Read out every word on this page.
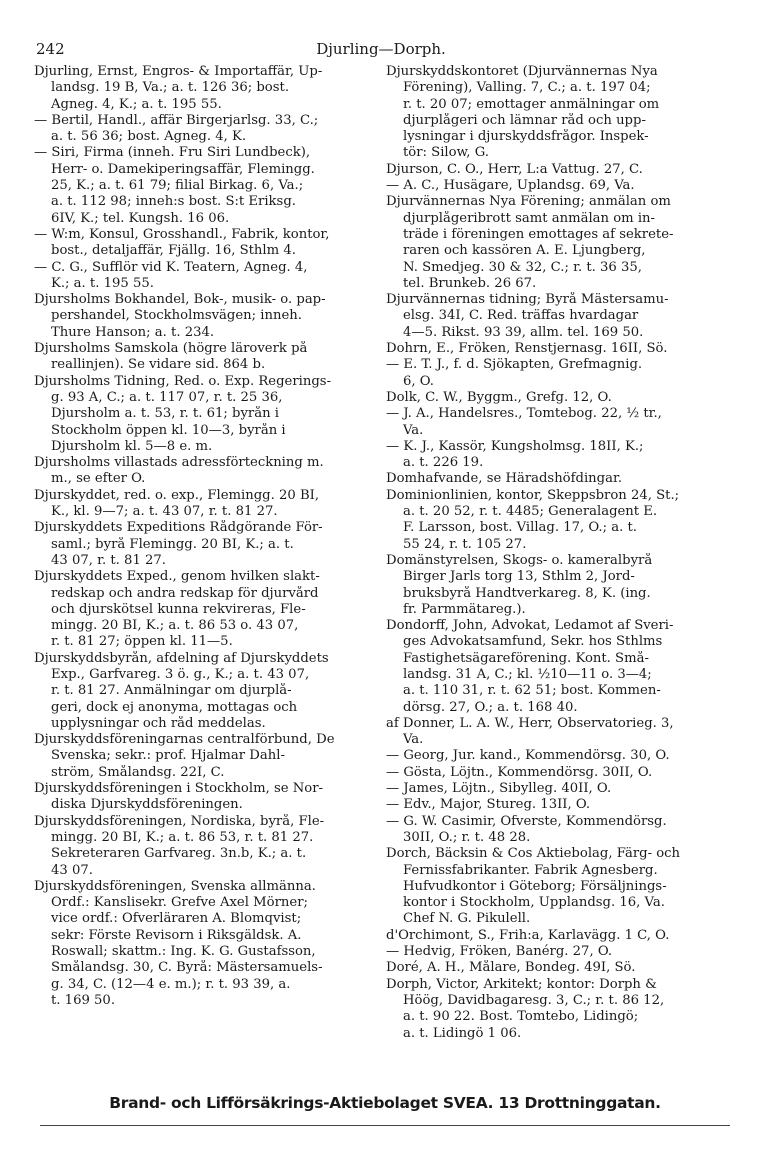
242	Djurling—Dorph.
Djurling, Ernst, Engros- & Importaffär, Up-
landsg. 19 B, Va.; a. t. 126 36; bost.
Agneg. 4, K.; a. t. 195 55.
— Bertil, Handl., affär Birgerjarlsg. 33, C.;
a. t. 56 36; bost. Agneg. 4, K.
— Siri, Firma (inneh. Fru Siri Lundbeck),
Herr- o. Damekiperingsaffär, Flemingg.
25, K.; a. t. 61 79; filial Birkag. 6, Va.;
a. t. 112 98; inneh:s bost. S:t Eriksg.
6IV, K.; tel. Kungsh. 16 06.
— W:m, Konsul, Grosshandl., Fabrik, kontor,
bost., detaljaffär, Fjällg. 16, Sthlm 4.
— C. G., Sufflör vid K. Teatern, Agneg. 4,
K.; a. t. 195 55.
Djursholms Bokhandel, Bok-, musik- o. pap-
pershandel, Stockholmsvägen; inneh.
Thure Hanson; a. t. 234.
Djursholms Samskola (högre läroverk på
reallinjen). Se vidare sid. 864 b.
Djursholms Tidning, Red. o. Exp. Regerings-
g. 93 A, C.; a. t. 117 07, r. t. 25 36,
Djursholm a. t. 53, r. t. 61; byrån i
Stockholm öppen kl. 10—3, byrån i
Djursholm kl. 5—8 e. m.
Djursholms villastads adressförteckning m.
m., se efter Ö.
Djurskyddet, red. o. exp., Flemingg. 20 BI,
K., kl. 9—7; a. t. 43 07, r. t. 81 27.
Djurskyddets Expeditions Rådgörande För-
saml.; byrå Flemingg. 20 BI, K.; a. t.
43 07, r. t. 81 27.
Djurskyddets Exped., genom hvilken slakt-
redskap och andra redskap för djurvård
och djurskötsel kunna rekvireras, Fle-
mingg. 20 BI, K.; a. t. 86 53 o. 43 07,
r. t. 81 27; öppen kl. 11—5.
Djurskyddsbyrån, afdelning af Djurskyddets
Exp., Garfvareg. 3 ö. g., K.; a. t. 43 07,
r. t. 81 27. Anmälningar om djurplå-
geri, dock ej anonyma, mottagas och
upplysningar och råd meddelas.
Djurskyddsföreningarnas centralförbund, De
Svenska; sekr.: prof. Hjalmar Dahl-
ström, Smålandsg. 22I, C.
Djurskyddsföreningen i Stockholm, se Nor-
diska Djurskyddsföreningen.
Djurskyddsföreningen, Nordiska, byrå, Fle-
mingg. 20 BI, K.; a. t. 86 53, r. t. 81 27.
Sekreteraren Garfvareg. 3n.b, K.; a. t.
43 07.
Djurskyddsföreningen, Svenska allmänna.
Ordf.: Kanslisekr. Grefve Axel Mörner;
vice ordf.: Öfverläraren A. Blomqvist;
sekr: Förste Revisorn i Riksgäldsk. A.
Roswall; skattm.: Ing. K. G. Gustafsson,
Smålandsg. 30, C. Byrå: Mästersamuels-
g. 34, C. (12—4 e. m.); r. t. 93 39, a.
t. 169 50.
Djurskyddskontoret (Djurvännernas Nya
Förening), Valling. 7, C.; a. t. 197 04;
r. t. 20 07; emottager anmälningar om
djurplågeri och lämnar råd och upp-
lysningar i djurskyddsfrågor. Inspek-
tör: Silow, G.
Djurson, C. O., Herr, L:a Vattug. 27, C.
— A. C., Husägare, Uplandsg. 69, Va.
Djurvännernas Nya Förening; anmälan om
djurplågeribrott samt anmälan om in-
träde i föreningen emottages af sekrete-
raren och kassören A. E. Ljungberg,
N. Smedjeg. 30 & 32, C.; r. t. 36 35,
tel. Brunkeb. 26 67.
Djurvännernas tidning; Byrå Mästersamu-
elsg. 34I, C. Red. träffas hvardagar
4—5. Rikst. 93 39, allm. tel. 169 50.
Dohrn, E., Fröken, Renstjernasg. 16II, Sö.
— E. T. J., f. d. Sjökapten, Grefmagnig.
6, Ö.
Dolk, C. W., Byggm., Grefg. 12, Ö.
— J. A., Handelsres., Tomtebog. 22, ½ tr.,
Va.
— K. J., Kassör, Kungsholmsg. 18II, K.;
a. t. 226 19.
Domhafvande, se Häradshöfdingar.
Dominionlinien, kontor, Skeppsbron 24, St.;
a. t. 20 52, r. t. 4485; Generalagent E.
F. Larsson, bost. Villag. 17, Ö.; a. t.
55 24, r. t. 105 27.
Domänstyrelsen, Skogs- o. kameralbyrå
Birger Jarls torg 13, Sthlm 2, Jord-
bruksbyrå Handtverkareg. 8, K. (ing.
fr. Parmmätareg.).
Dondorff, John, Advokat, Ledamot af Sveri-
ges Advokatsamfund, Sekr. hos Sthlms
Fastighetsägareförening. Kont. Små-
landsg. 31 A, C.; kl. ½10—11 o. 3—4;
a. t. 110 31, r. t. 62 51; bost. Kommen-
dörsg. 27, Ö.; a. t. 168 40.
af Donner, L. A. W., Herr, Observatorieg. 3,
Va.
— Georg, Jur. kand., Kommendörsg. 30, Ö.
— Gösta, Löjtn., Kommendörsg. 30II, Ö.
— James, Löjtn., Sibylleg. 40II, Ö.
— Edv., Major, Stureg. 13II, Ö.
— G. W. Casimir, Öfverste, Kommendörsg.
30II, Ö.; r. t. 48 28.
Dorch, Bäcksin & Cos Aktiebolag, Färg- och
Fernissfabrikanter. Fabrik Agnesberg.
Hufvudkontor i Göteborg; Försäljnings-
kontor i Stockholm, Upplandsg. 16, Va.
Chef N. G. Pikulell.
d'Orchimont, S., Frih:a, Karlavägg. 1 C, Ö.
— Hedvig, Fröken, Banérg. 27, Ö.
Doré, A. H., Målare, Bondeg. 49I, Sö.
Dorph, Victor, Arkitekt; kontor: Dorph &
Höög, Davidbagaresg. 3, C.; r. t. 86 12,
a. t. 90 22. Bost. Tomtebo, Lidingö;
a. t. Lidingö 1 06.
Brand- och Lifförsäkrings-Aktiebolaget SVEA. 13 Drottninggatan.
